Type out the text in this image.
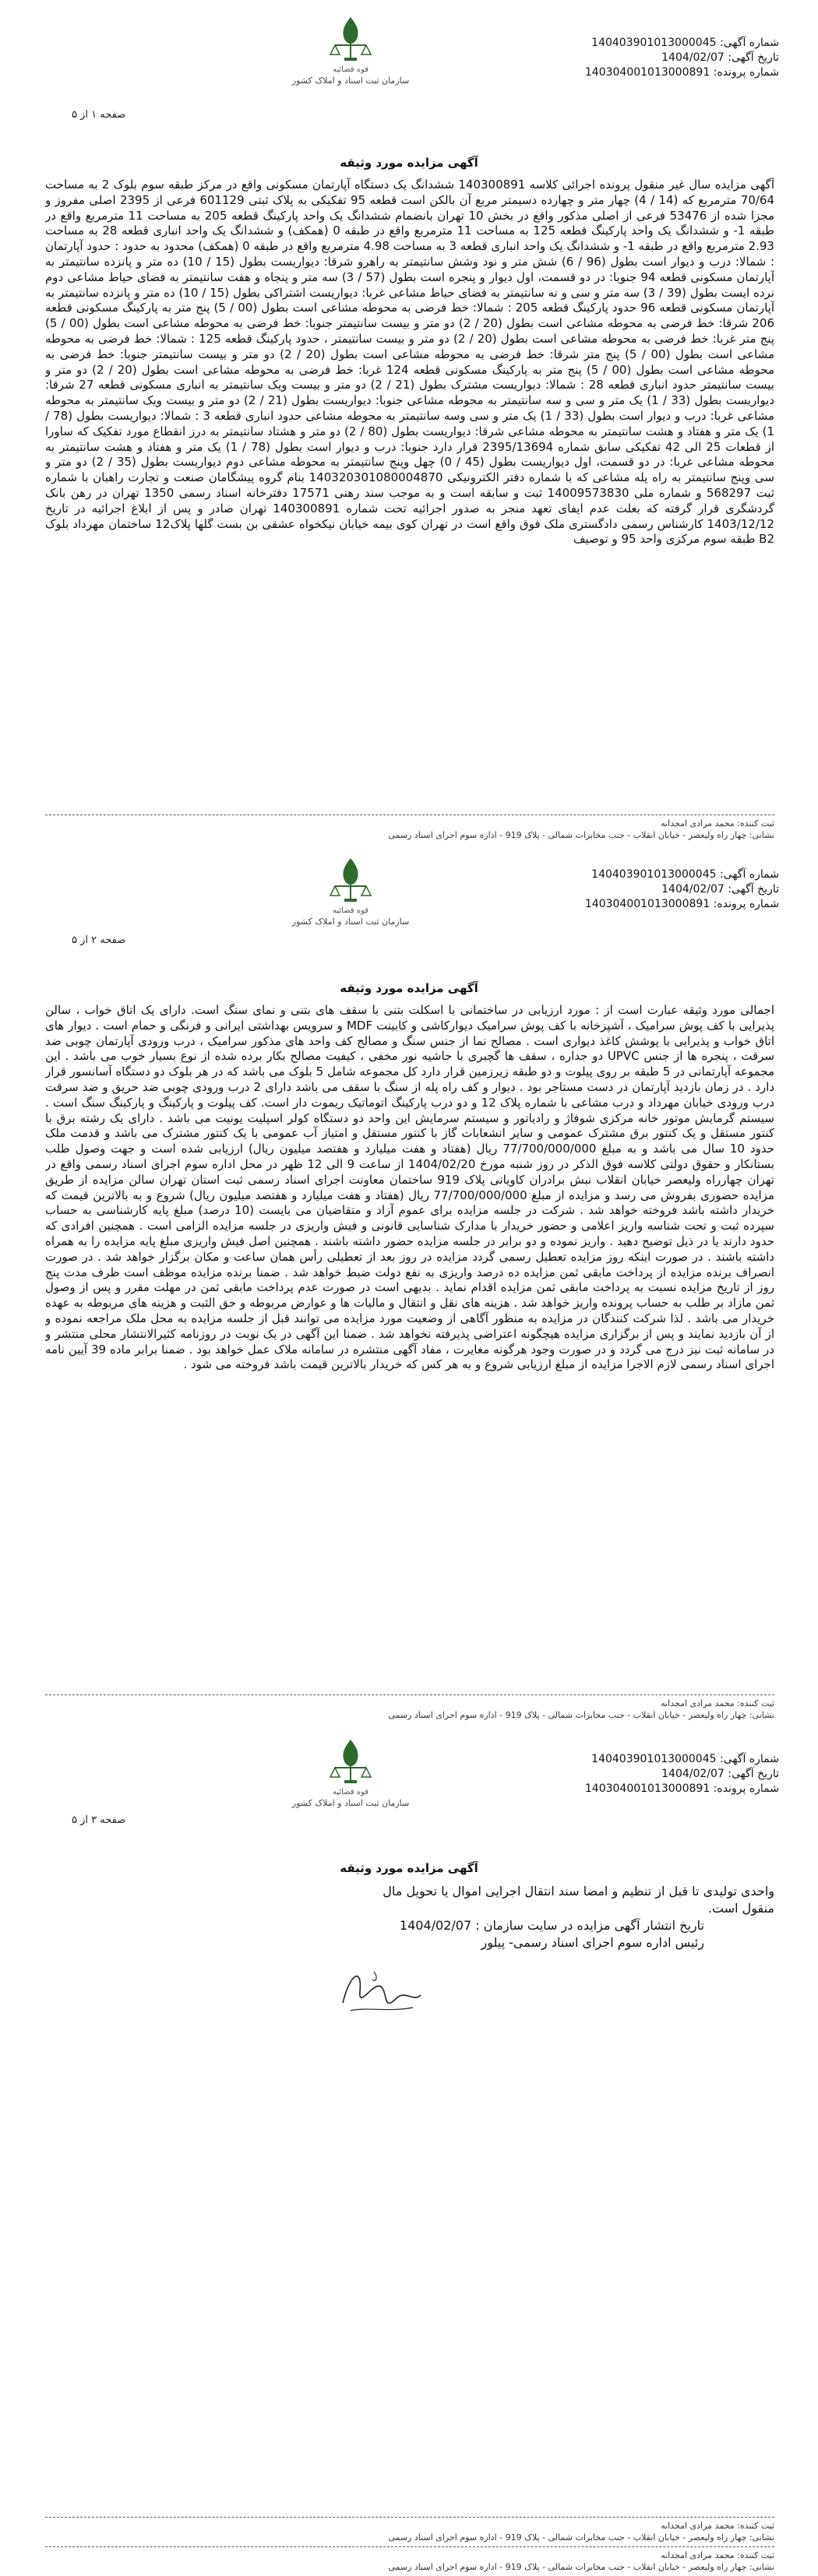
قوه قضائیه
سازمان ثبت اسناد و املاک کشور
شماره آگهی: 140403901013000045
تاریخ آگهی: 1404/02/07
شماره پرونده: 140304001013000891
صفحه ۱ از ۵
آگهی مزایده مورد وثیقه
آگهی مزایده سال غیر منقول پرونده اجرائی کلاسه 140300891 ششدانگ یک دستگاه آپارتمان مسکونی واقع در مرکز طبقه سوم بلوک 2 به مساحت 70/64 مترمربع که (14 / 4) چهار متر و چهارده دسیمتر مربع آن بالکن است قطعه 95 تفکیکی به پلاک ثبتی 601129 فرعی از 2395 اصلی مفروز و مجزا شده از 53476 فرعی از اصلی مذکور واقع در بخش 10 تهران بانضمام ششدانگ یک واحد پارکینگ قطعه 205 به مساحت 11 مترمربع واقع در طبقه 1- و ششدانگ یک واحد پارکینگ قطعه 125 به مساحت 11 مترمربع واقع در طبقه 0 (همکف) و ششدانگ یک واحد انباری قطعه 28 به مساحت 2.93 مترمربع واقع در طبقه 1- و ششدانگ یک واحد انباری قطعه 3 به مساحت 4.98 مترمربع واقع در طبقه 0 (همکف) محدود به حدود : حدود آپارتمان : شمالا: درب و دیوار است بطول (96 / 6) شش متر و نود وشش سانتیمتر به راهرو شرقا: دیواریست بطول (15 / 10) ده متر و پانزده سانتیمتر به آپارتمان مسکونی قطعه 94 جنوبا: در دو قسمت، اول دیوار و پنجره است بطول (57 / 3) سه متر و پنجاه و هفت سانتیمتر به فضای حیاط مشاعی دوم نرده ایست بطول (39 / 3) سه متر و سی و نه سانتیمتر به فضای حیاط مشاعی غربا: دیواریست اشتراکی بطول (15 / 10) ده متر و پانزده سانتیمتر به آپارتمان مسکونی قطعه 96 حدود پارکینگ قطعه 205 : شمالا: خط فرضی به محوطه مشاعی است بطول (00 / 5) پنج متر به پارکینگ مسکونی قطعه 206 شرقا: خط فرضی به محوطه مشاعی است بطول (20 / 2) دو متر و بیست سانتیمتر جنوبا: خط فرضی به محوطه مشاعی است بطول (00 / 5) پنج متر غربا: خط فرضی به محوطه مشاعی است بطول (20 / 2) دو متر و بیست سانتیمتر ، حدود پارکینگ قطعه 125 : شمالا: خط فرضی به محوطه مشاعی است بطول (00 / 5) پنج متر شرقا: خط فرضی به محوطه مشاعی است بطول (20 / 2) دو متر و بیست سانتیمتر جنوبا: خط فرضی به محوطه مشاعی است بطول (00 / 5) پنج متر به پارکینگ مسکونی قطعه 124 غربا: خط فرضی به محوطه مشاعی است بطول (20 / 2) دو متر و بیست سانتیمتر حدود انباری قطعه 28 : شمالا: دیواریست مشترک بطول (21 / 2) دو متر و بیست ویک سانتیمتر به انباری مسکونی قطعه 27 شرقا: دیواریست بطول (33 / 1) یک متر و سی و سه سانتیمتر به محوطه مشاعی جنوبا: دیواریست بطول (21 / 2) دو متر و بیست ویک سانتیمتر به محوطه مشاعی غربا: درب و دیوار است بطول (33 / 1) یک متر و سی وسه سانتیمتر به محوطه مشاعی حدود انباری قطعه 3 : شمالا: دیواریست بطول (78 / 1) یک متر و هفتاد و هشت سانتیمتر به محوطه مشاعی شرقا: دیواریست بطول (80 / 2) دو متر و هشتاد سانتیمتر به درز انقطاع مورد تفکیک که ساورا از قطعات 25 الی 42 تفکیکی سابق شماره 2395/13694 قرار دارد جنوبا: درب و دیوار است بطول (78 / 1) یک متر و هفتاد و هشت سانتیمتر به محوطه مشاعی غربا: در دو قسمت، اول دیواریست بطول (45 / 0) چهل وپنج سانتیمتر به محوطه مشاعی دوم دیواریست بطول (35 / 2) دو متر و سی وپنج سانتیمتر به راه پله مشاعی که با شماره دفتر الکترونیکی 140320301080004870 بنام گروه پیشگامان صنعت و تجارت راهبان با شماره ثبت 568297 و شماره ملی 14009573830 ثبت و سابقه است و به موجب سند رهنی 17571 دفترخانه اسناد رسمی 1350 تهران در رهن بانک گردشگری قرار گرفته که بعلت عدم ایفای تعهد منجر به صدور اجرائیه تحت شماره 140300891 تهران صادر و پس از ابلاغ اجرائیه در تاریخ 1403/12/12 کارشناس رسمی دادگستری ملک فوق واقع است در تهران کوی بیمه خیابان نیکخواه عشقی بن بست گلها پلاک12 ساختمان مهرداد بلوک B2 طبقه سوم مرکزی واحد 95 و توصیف
ثبت کننده: محمد مرادی امجدانه
نشانی: چهار راه ولیعصر - خیابان انقلاب - جنب مخابرات شمالی - پلاک 919 - اداره سوم اجرای اسناد رسمی
قوه قضائیه
سازمان ثبت اسناد و املاک کشور
شماره آگهی: 140403901013000045
تاریخ آگهی: 1404/02/07
شماره پرونده: 140304001013000891
صفحه ۲ از ۵
آگهی مزایده مورد وثیقه
اجمالی مورد وثیقه عبارت است از : مورد ارزیابی در ساختمانی با اسکلت بتنی با سقف های بتنی و نمای سنگ است. دارای یک اتاق خواب ، سالن پذیرایی با کف پوش سرامیک ، آشپزخانه با کف پوش سرامیک دیوارکاشی و کابینت MDF و سرویس بهداشتی ایرانی و فرنگی و حمام است . دیوار های اتاق خواب و پذیرایی با پوشش کاغذ دیواری است . مصالح نما از جنس سنگ و مصالح کف واحد های مذکور سرامیک ، درب ورودی آپارتمان چوبی ضد سرقت ، پنجره ها از جنس UPVC دو جداره ، سقف ها گچبری با حاشیه نور مخفی ، کیفیت مصالح بکار برده شده از نوع بسیار خوب می باشد . این مجموعه آپارتمانی در 5 طبقه بر روی پیلوت و دو طبقه زیرزمین قرار دارد کل مجموعه شامل 5 بلوک می باشد که در هر بلوک دو دستگاه آسانسور قرار دارد . در زمان بازدید آپارتمان در دست مستاجر بود . دیوار و کف راه پله از سنگ با سقف می باشد دارای 2 درب ورودی چوبی ضد حریق و ضد سرقت درب ورودی خیابان مهرداد و درب مشاعی با شماره پلاک 12 و دو درب پارکینگ اتوماتیک ریموت دار است. کف پیلوت و پارکینگ و پارکینگ سنگ است . سیستم گرمایش موتور خانه مرکزی شوفاژ و رادیاتور و سیستم سرمایش این واحد دو دستگاه کولر اسپلیت یونیت می باشد . دارای یک رشته برق با کنتور مستقل و یک کنتور برق مشترک عمومی و سایر انشعابات گاز با کنتور مستقل و امتیاز آب عمومی با یک کنتور مشترک می باشد و قدمت ملک حدود 10 سال می باشد و به مبلغ 77/700/000/000 ریال (هفتاد و هفت میلیارد و هفتصد میلیون ریال) ارزیابی شده است و جهت وصول طلب بستانکار و حقوق دولتی کلاسه فوق الذکر در روز شنبه مورخ 1404/02/20 از ساعت 9 الی 12 ظهر در محل اداره سوم اجرای اسناد رسمی واقع در تهران چهارراه ولیعصر خیابان انقلاب نبش برادران کاویانی پلاک 919 ساختمان معاونت اجرای اسناد رسمی ثبت استان تهران سالن مزایده از طریق مزایده حضوری بفروش می رسد و مزایده از مبلغ 77/700/000/000 ریال (هفتاد و هفت میلیارد و هفتصد میلیون ریال) شروع و به بالاترین قیمت که خریدار داشته باشد فروخته خواهد شد . شرکت در جلسه مزایده برای عموم آزاد و متقاضیان می بایست (10 درصد) مبلغ پایه کارشناسی به حساب سپرده ثبت و تحت شناسه واریز اعلامی و حضور خریدار با مدارک شناسایی قانونی و فیش واریزی در جلسه مزایده الزامی است . همچنین افرادی که حدود دارند یا در ذیل توضیح دهید . واریز نموده و دو برابر در جلسه مزایده حضور داشته باشند . همچنین اصل فیش واریزی مبلغ پایه مزایده را به همراه داشته باشند . در صورت اینکه روز مزایده تعطیل رسمی گردد مزایده در روز بعد از تعطیلی رأس همان ساعت و مکان برگزار خواهد شد . در صورت انصراف برنده مزایده از پرداخت مابقی ثمن مزایده ده درصد واریزی به نفع دولت ضبط خواهد شد . ضمنا برنده مزایده موظف است ظرف مدت پنج روز از تاریخ مزایده نسبت به پرداخت مابقی ثمن مزایده اقدام نماید . بدیهی است در صورت عدم پرداخت مابقی ثمن در مهلت مقرر و پس از وصول ثمن مازاد بر طلب به حساب پرونده واریز خواهد شد . هزینه های نقل و انتقال و مالیات ها و عوارض مربوطه و حق الثبت و هزینه های مربوطه به عهده خریدار می باشد . لذا شرکت کنندگان در مزایده به منظور آگاهی از وضعیت مورد مزایده می توانند قبل از جلسه مزایده به محل ملک مراجعه نموده و از آن بازدید نمایند و پس از برگزاری مزایده هیچگونه اعتراضی پذیرفته نخواهد شد . ضمنا این آگهی در یک نوبت در روزنامه کثیرالانتشار محلی منتشر و در سامانه ثبت نیز درج می گردد و در صورت وجود هرگونه مغایرت ، مفاد آگهی منتشره در سامانه ملاک عمل خواهد بود . ضمنا برابر ماده 39 آیین نامه اجرای اسناد رسمی لازم الاجرا مزایده از مبلغ ارزیابی شروع و به هر کس که خریدار بالاترین قیمت باشد فروخته می شود .
ثبت کننده: محمد مرادی امجدانه
نشانی: چهار راه ولیعصر - خیابان انقلاب - جنب مخابرات شمالی - پلاک 919 - اداره سوم اجرای اسناد رسمی
قوه قضائیه
سازمان ثبت اسناد و املاک کشور
شماره آگهی: 140403901013000045
تاریخ آگهی: 1404/02/07
شماره پرونده: 140304001013000891
صفحه ۳ از ۵
آگهی مزایده مورد وثیقه
واحدی تولیدی تا قبل از تنظیم و امضا سند انتقال اجرایی اموال یا تحویل مال
منقول است.
تاریخ انتشار آگهی مزایده در سایت سازمان : 1404/02/07
رئیس اداره سوم اجرای اسناد رسمی- پیلور
ثبت کننده: محمد مرادی امجدانه
نشانی: چهار راه ولیعصر - خیابان انقلاب - جنب مخابرات شمالی - پلاک 919 - اداره سوم اجرای اسناد رسمی
ثبت کننده: محمد مرادی امجدانه
نشانی: چهار راه ولیعصر - خیابان انقلاب - جنب مخابرات شمالی - پلاک 919 - اداره سوم اجرای اسناد رسمی
